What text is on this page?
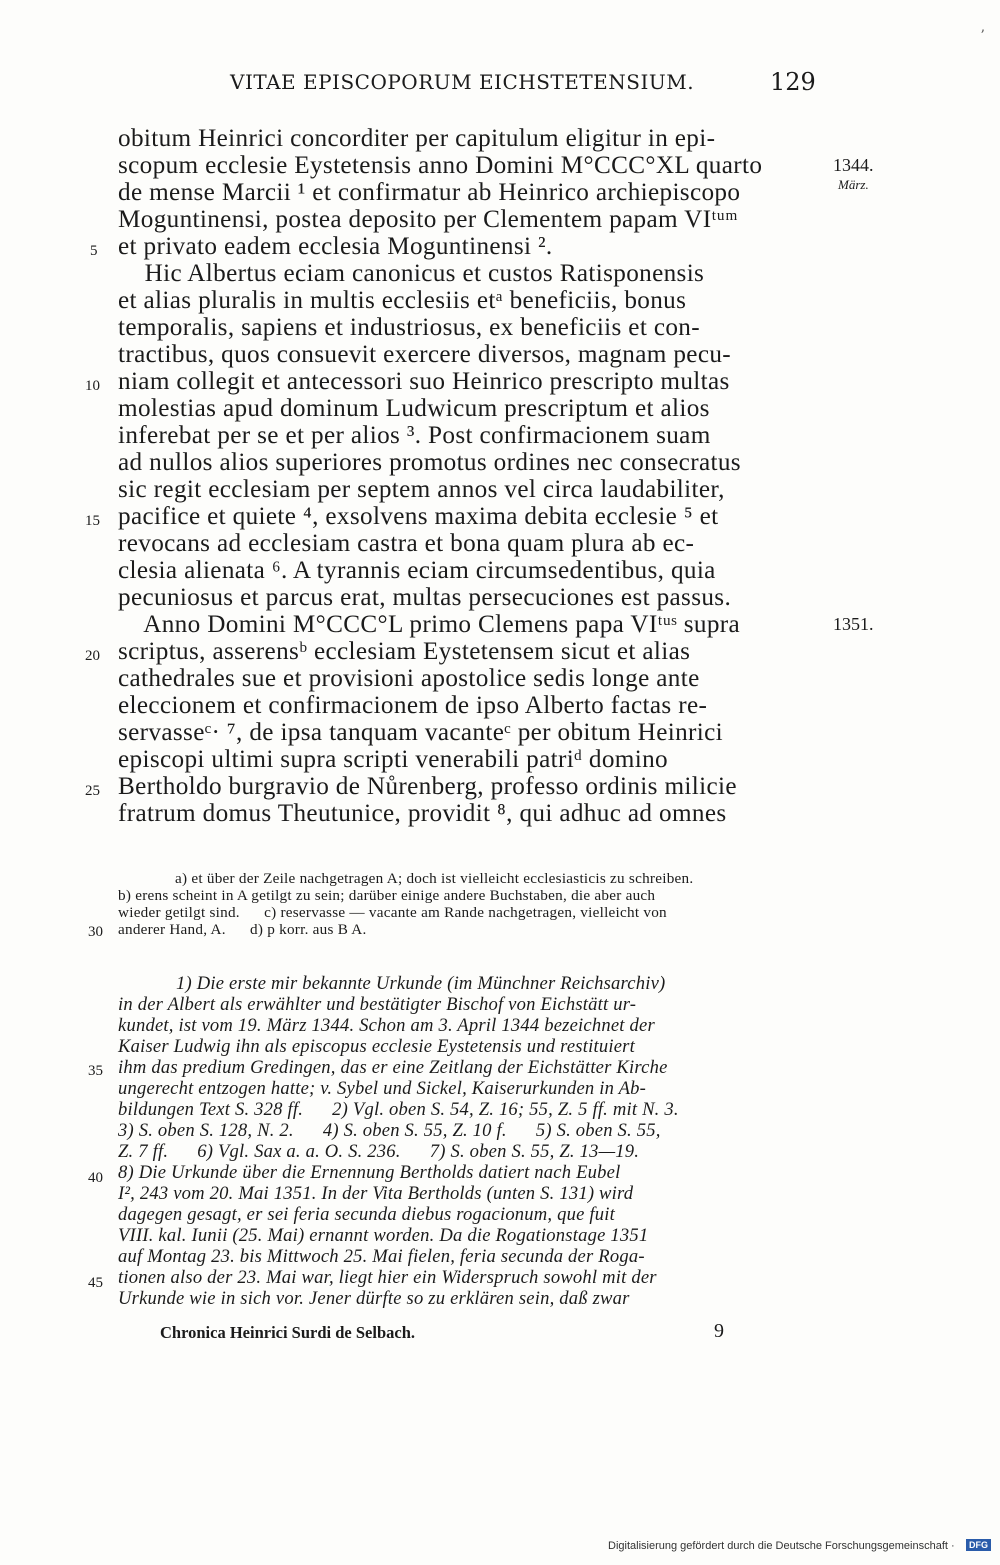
ʼ
VITAE EPISCOPORUM EICHSTETENSIUM.	129
obitum Heinrici concorditer per capitulum eligitur in epi-
scopum ecclesie Eystetensis anno Domini M°CCC°XL quarto
de mense Marcii ¹ et confirmatur ab Heinrico archiepiscopo
Moguntinensi, postea deposito per Clementem papam VIᵗᵘᵐ
et privato eadem ecclesia Moguntinensi ².
Hic Albertus eciam canonicus et custos Ratisponensis
et alias pluralis in multis ecclesiis etᵃ beneficiis, bonus
temporalis, sapiens et industriosus, ex beneficiis et con-
tractibus, quos consuevit exercere diversos, magnam pecu-
niam collegit et antecessori suo Heinrico prescripto multas
molestias apud dominum Ludwicum prescriptum et alios
inferebat per se et per alios ³. Post confirmacionem suam
ad nullos alios superiores promotus ordines nec consecratus
sic regit ecclesiam per septem annos vel circa laudabiliter,
pacifice et quiete ⁴, exsolvens maxima debita ecclesie ⁵ et
revocans ad ecclesiam castra et bona quam plura ab ec-
clesia alienata ⁶. A tyrannis eciam circumsedentibus, quia
pecuniosus et parcus erat, multas persecuciones est passus.
Anno Domini M°CCC°L primo Clemens papa VIᵗᵘˢ supra
scriptus, asserensᵇ ecclesiam Eystetensem sicut et alias
cathedrales sue et provisioni apostolice sedis longe ante
eleccionem et confirmacionem de ipso Alberto factas re-
servasseᶜ· ⁷, de ipsa tanquam vacanteᶜ per obitum Heinrici
episcopi ultimi supra scripti venerabili patriᵈ domino
Bertholdo burgravio de Nůrenberg, professo ordinis milicie
fratrum domus Theutunice, providit ⁸, qui adhuc ad omnes
5
10
15
20
25
1344.
März.
1351.
a) et über der Zeile nachgetragen A; doch ist vielleicht ecclesiasticis zu schreiben.
b) erens scheint in A getilgt zu sein; darüber einige andere Buchstaben, die aber auch
wieder getilgt sind.      c) reservasse — vacante am Rande nachgetragen, vielleicht von
anderer Hand, A.      d) p korr. aus B A.
30
1) Die erste mir bekannte Urkunde (im Münchner Reichsarchiv)
in der Albert als erwählter und bestätigter Bischof von Eichstätt ur-
kundet, ist vom 19. März 1344. Schon am 3. April 1344 bezeichnet der
Kaiser Ludwig ihn als episcopus ecclesie Eystetensis und restituiert
ihm das predium Gredingen, das er eine Zeitlang der Eichstätter Kirche
ungerecht entzogen hatte; v. Sybel und Sickel, Kaiserurkunden in Ab-
bildungen Text S. 328 ff.      2) Vgl. oben S. 54, Z. 16; 55, Z. 5 ff. mit N. 3.
3) S. oben S. 128, N. 2.      4) S. oben S. 55, Z. 10 f.      5) S. oben S. 55,
Z. 7 ff.      6) Vgl. Sax a. a. O. S. 236.      7) S. oben S. 55, Z. 13—19.
8) Die Urkunde über die Ernennung Bertholds datiert nach Eubel
I², 243 vom 20. Mai 1351. In der Vita Bertholds (unten S. 131) wird
dagegen gesagt, er sei feria secunda diebus rogacionum, que fuit
VIII. kal. Iunii (25. Mai) ernannt worden. Da die Rogationstage 1351
auf Montag 23. bis Mittwoch 25. Mai fielen, feria secunda der Roga-
tionen also der 23. Mai war, liegt hier ein Widerspruch sowohl mit der
Urkunde wie in sich vor. Jener dürfte so zu erklären sein, daß zwar
35
40
45
Chronica Heinrici Surdi de Selbach.	9
Digitalisierung gefördert durch die Deutsche Forschungsgemeinschaft ·	DFG
